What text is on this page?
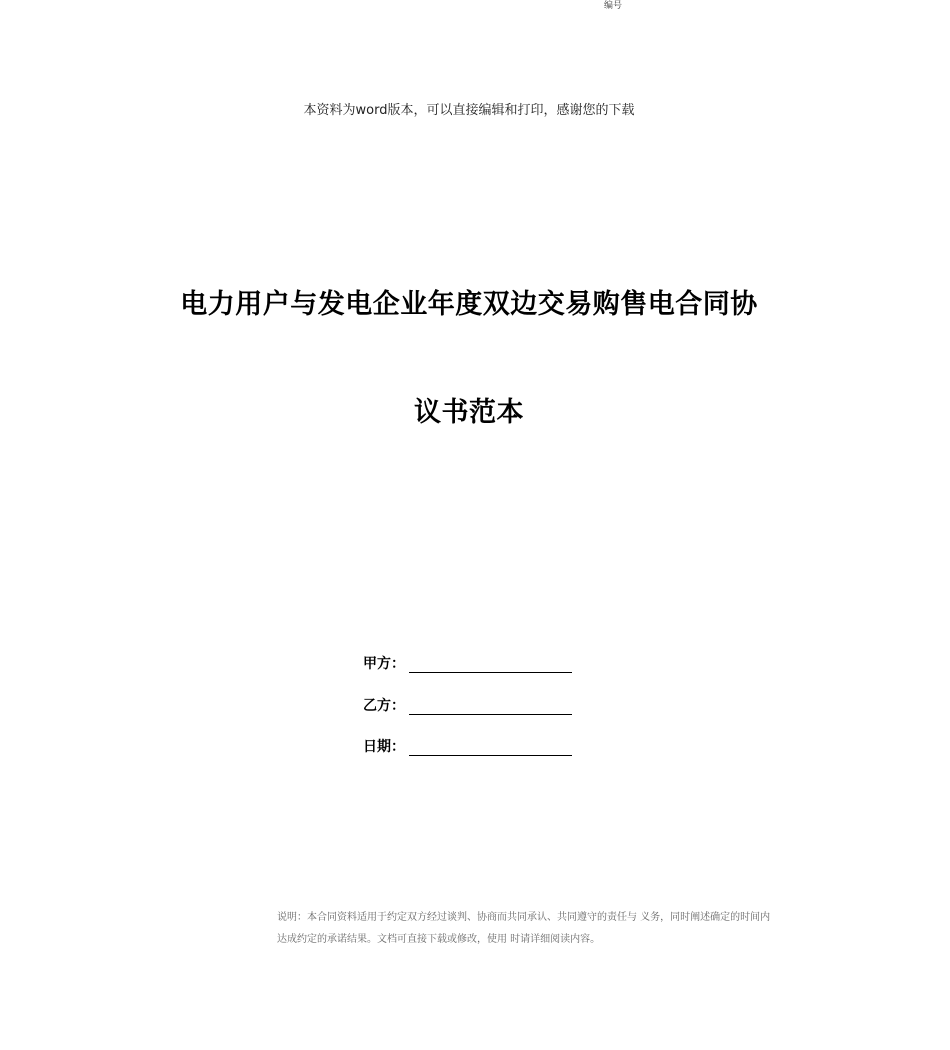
编号
本资料为word版本，可以直接编辑和打印，感谢您的下载
电力用户与发电企业年度双边交易购售电合同协
议书范本
甲方：
乙方：
日期：
说明：本合同资料适用于约定双方经过谈判、协商而共同承认、共同遵守的责任与 义务，同时阐述确定的时间内
达成约定的承诺结果。文档可直接下载或修改，使用 时请详细阅读内容。
